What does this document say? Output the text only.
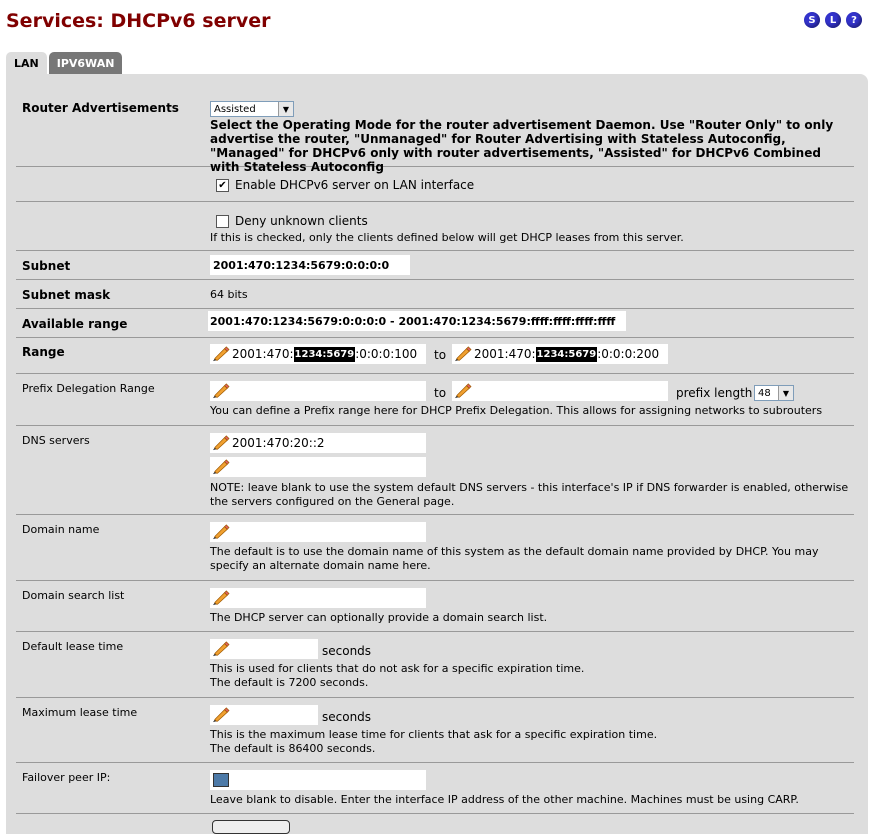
Services: DHCPv6 server	S	L	?
LAN	IPV6WAN
Router Advertisements	Assisted	▼
Select the Operating Mode for the router advertisement Daemon. Use "Router Only" to only advertise the router, "Unmanaged" for Router Advertising with Stateless Autoconfig, "Managed" for DHCPv6 only with router advertisements, "Assisted" for DHCPv6 Combined with Stateless Autoconfig
✔ Enable DHCPv6 server on LAN interface
Deny unknown clients
If this is checked, only the clients defined below will get DHCP leases from this server.
Subnet	2001:470:1234:5679:0:0:0:0
Subnet mask	64 bits
Available range	2001:470:1234:5679:0:0:0:0 - 2001:470:1234:5679:ffff:ffff:ffff:ffff
Range	2001:470: 1234:5679 :0:0:0:100 to 2001:470: 1234:5679 :0:0:0:200
Prefix Delegation Range	to	prefix length 48	▼
You can define a Prefix range here for DHCP Prefix Delegation. This allows for assigning networks to subrouters
DNS servers	2001:470:20::2
NOTE: leave blank to use the system default DNS servers - this interface's IP if DNS forwarder is enabled, otherwise the servers configured on the General page.
Domain name
The default is to use the domain name of this system as the default domain name provided by DHCP. You may specify an alternate domain name here.
Domain search list
The DHCP server can optionally provide a domain search list.
Default lease time	seconds
This is used for clients that do not ask for a specific expiration time.
The default is 7200 seconds.
Maximum lease time	seconds
This is the maximum lease time for clients that ask for a specific expiration time.
The default is 86400 seconds.
Failover peer IP:
Leave blank to disable. Enter the interface IP address of the other machine. Machines must be using CARP.
